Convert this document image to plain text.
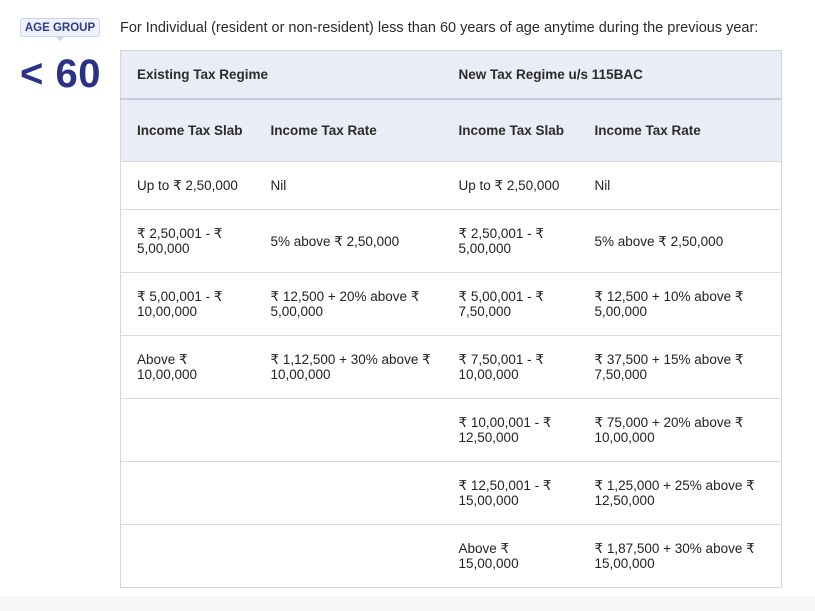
AGE GROUP
< 60
For Individual (resident or non-resident) less than 60 years of age anytime during the previous year:
Existing Tax Regime		New Tax Regime u/s 115BAC	
Income Tax Slab	Income Tax Rate	Income Tax Slab	Income Tax Rate
Up to ₹ 2,50,000	Nil	Up to ₹ 2,50,000	Nil
₹ 2,50,001 - ₹ 5,00,000	5% above ₹ 2,50,000	₹ 2,50,001 - ₹ 5,00,000	5% above ₹ 2,50,000
₹ 5,00,001 - ₹ 10,00,000	₹ 12,500 + 20% above ₹ 5,00,000	₹ 5,00,001 - ₹ 7,50,000	₹ 12,500 + 10% above ₹ 5,00,000
Above ₹ 10,00,000	₹ 1,12,500 + 30% above ₹ 10,00,000	₹ 7,50,001 - ₹ 10,00,000	₹ 37,500 + 15% above ₹ 7,50,000
		₹ 10,00,001 - ₹ 12,50,000	₹ 75,000 + 20% above ₹ 10,00,000
		₹ 12,50,001 - ₹ 15,00,000	₹ 1,25,000 + 25% above ₹ 12,50,000
		Above ₹ 15,00,000	₹ 1,87,500 + 30% above ₹ 15,00,000
